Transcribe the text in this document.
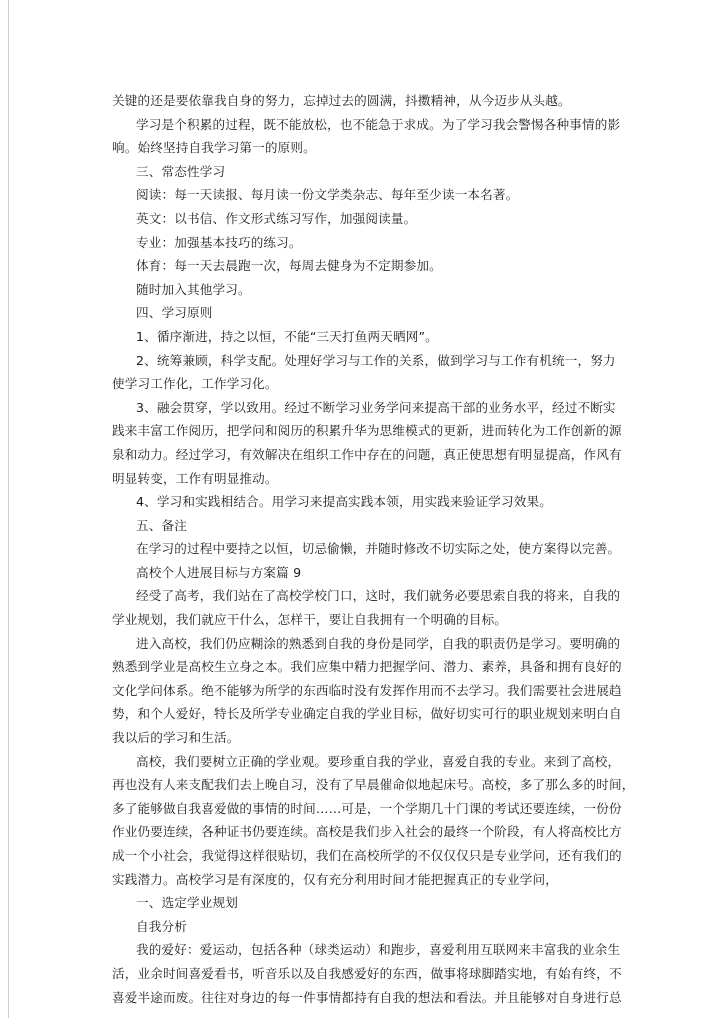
关键的还是要依靠我自身的努力，忘掉过去的圆满，抖擞精神，从今迈步从头越。
学习是个积累的过程，既不能放松，也不能急于求成。为了学习我会警惕各种事情的影
响。始终坚持自我学习第一的原则。
三、常态性学习
阅读：每一天读报、每月读一份文学类杂志、每年至少读一本名著。
英文：以书信、作文形式练习写作，加强阅读量。
专业：加强基本技巧的练习。
体育：每一天去晨跑一次，每周去健身为不定期参加。
随时加入其他学习。
四、学习原则
1、循序渐进，持之以恒，不能“三天打鱼两天晒网”。
2、统筹兼顾，科学支配。处理好学习与工作的关系，做到学习与工作有机统一，努力
使学习工作化，工作学习化。
3、融会贯穿，学以致用。经过不断学习业务学问来提高干部的业务水平，经过不断实
践来丰富工作阅历，把学问和阅历的积累升华为思维模式的更新，进而转化为工作创新的源
泉和动力。经过学习，有效解决在组织工作中存在的问题，真正使思想有明显提高，作风有
明显转变，工作有明显推动。
4、学习和实践相结合。用学习来提高实践本领，用实践来验证学习效果。
五、备注
在学习的过程中要持之以恒，切忌偷懒，并随时修改不切实际之处，使方案得以完善。
高校个人进展目标与方案篇 9
经受了高考，我们站在了高校学校门口，这时，我们就务必要思索自我的将来，自我的
学业规划，我们就应干什么，怎样干，要让自我拥有一个明确的目标。
进入高校，我们仍应糊涂的熟悉到自我的身份是同学，自我的职责仍是学习。要明确的
熟悉到学业是高校生立身之本。我们应集中精力把握学问、潜力、素养，具备和拥有良好的
文化学问体系。绝不能够为所学的东西临时没有发挥作用而不去学习。我们需要社会进展趋
势，和个人爱好，特长及所学专业确定自我的学业目标，做好切实可行的职业规划来明白自
我以后的学习和生活。
高校，我们要树立正确的学业观。要珍重自我的学业，喜爱自我的专业。来到了高校，
再也没有人来支配我们去上晚自习，没有了早晨催命似地起床号。高校，多了那么多的时间，
多了能够做自我喜爱做的事情的时间……可是，一个学期几十门课的考试还要连续，一份份
作业仍要连续，各种证书仍要连续。高校是我们步入社会的最终一个阶段，有人将高校比方
成一个小社会，我觉得这样很贴切，我们在高校所学的不仅仅仅只是专业学问，还有我们的
实践潜力。高校学习是有深度的，仅有充分利用时间才能把握真正的专业学问，
一、选定学业规划
自我分析
我的爱好：爱运动，包括各种（球类运动）和跑步，喜爱利用互联网来丰富我的业余生
活，业余时间喜爱看书，听音乐以及自我感爱好的东西，做事将球脚踏实地，有始有终，不
喜爱半途而废。往往对身边的每一件事情都持有自我的想法和看法。并且能够对自身进行总
